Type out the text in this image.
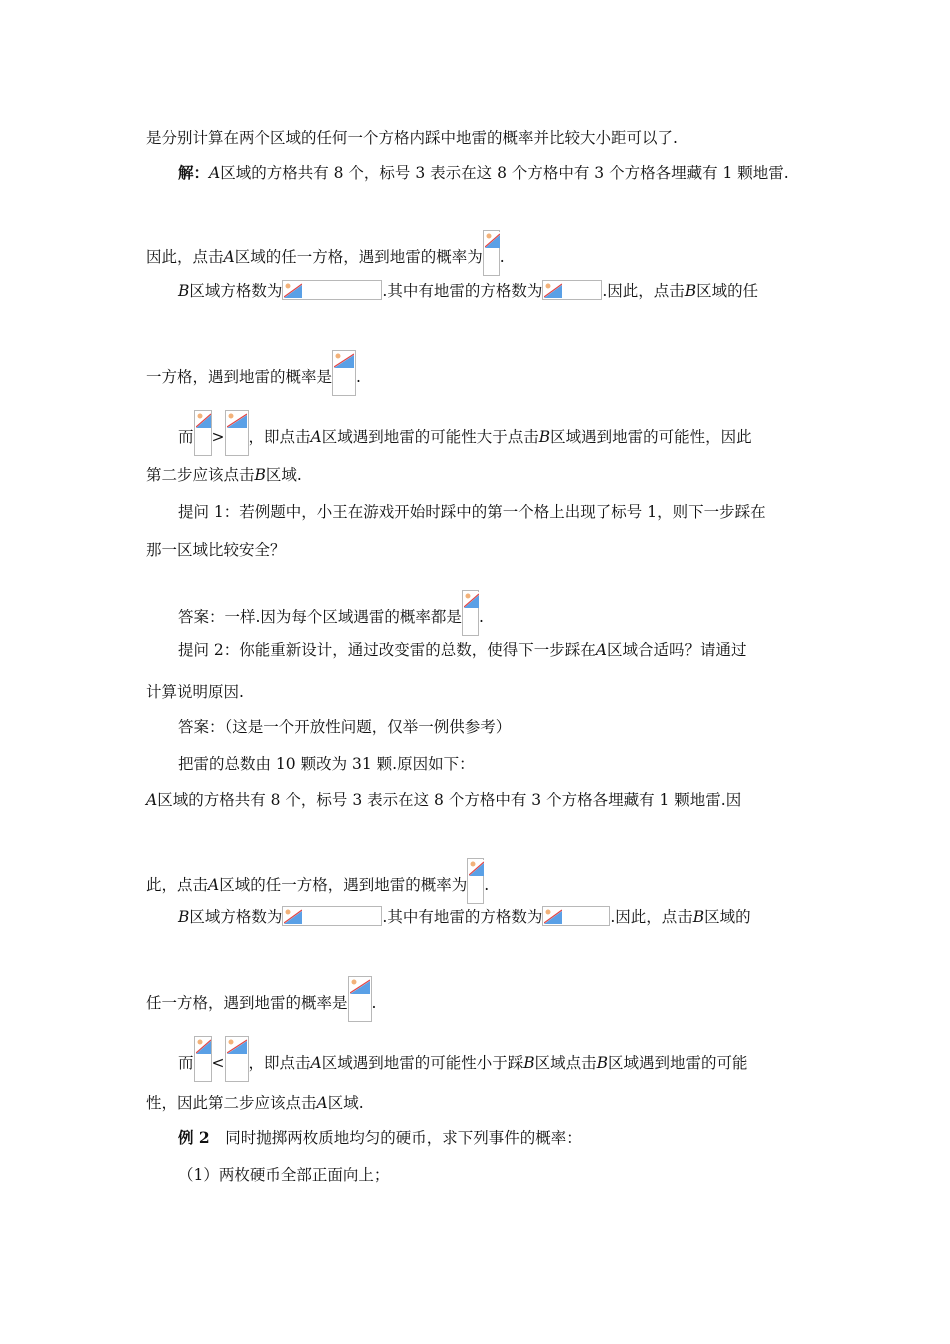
是分别计算在两个区域的任何一个方格内踩中地雷的概率并比较大小距可以了.
解：A区域的方格共有 8 个，标号 3 表示在这 8 个方格中有 3 个方格各埋藏有 1 颗地雷.
因此，点击A区域的任一方格，遇到地雷的概率为 .
B区域方格数为	.其中有地雷的方格数为	.因此，点击B区域的任
一方格，遇到地雷的概率是 .
而 > ，即点击A区域遇到地雷的可能性大于点击B区域遇到地雷的可能性，因此
第二步应该点击B区域.
提问 1：若例题中，小王在游戏开始时踩中的第一个格上出现了标号 1，则下一步踩在
那一区域比较安全？
答案：一样.因为每个区域遇雷的概率都是 .
提问 2：你能重新设计，通过改变雷的总数，使得下一步踩在A区域合适吗？请通过
计算说明原因.
答案：（这是一个开放性问题，仅举一例供参考）
把雷的总数由 10 颗改为 31 颗.原因如下：
A区域的方格共有 8 个，标号 3 表示在这 8 个方格中有 3 个方格各埋藏有 1 颗地雷.因
此，点击A区域的任一方格，遇到地雷的概率为 .
B区域方格数为	.其中有地雷的方格数为	.因此，点击B区域的
任一方格，遇到地雷的概率是 .
而 < ，即点击A区域遇到地雷的可能性小于踩B区域点击B区域遇到地雷的可能
性，因此第二步应该点击A区域.
例 2　同时抛掷两枚质地均匀的硬币，求下列事件的概率：
（1）两枚硬币全部正面向上；
